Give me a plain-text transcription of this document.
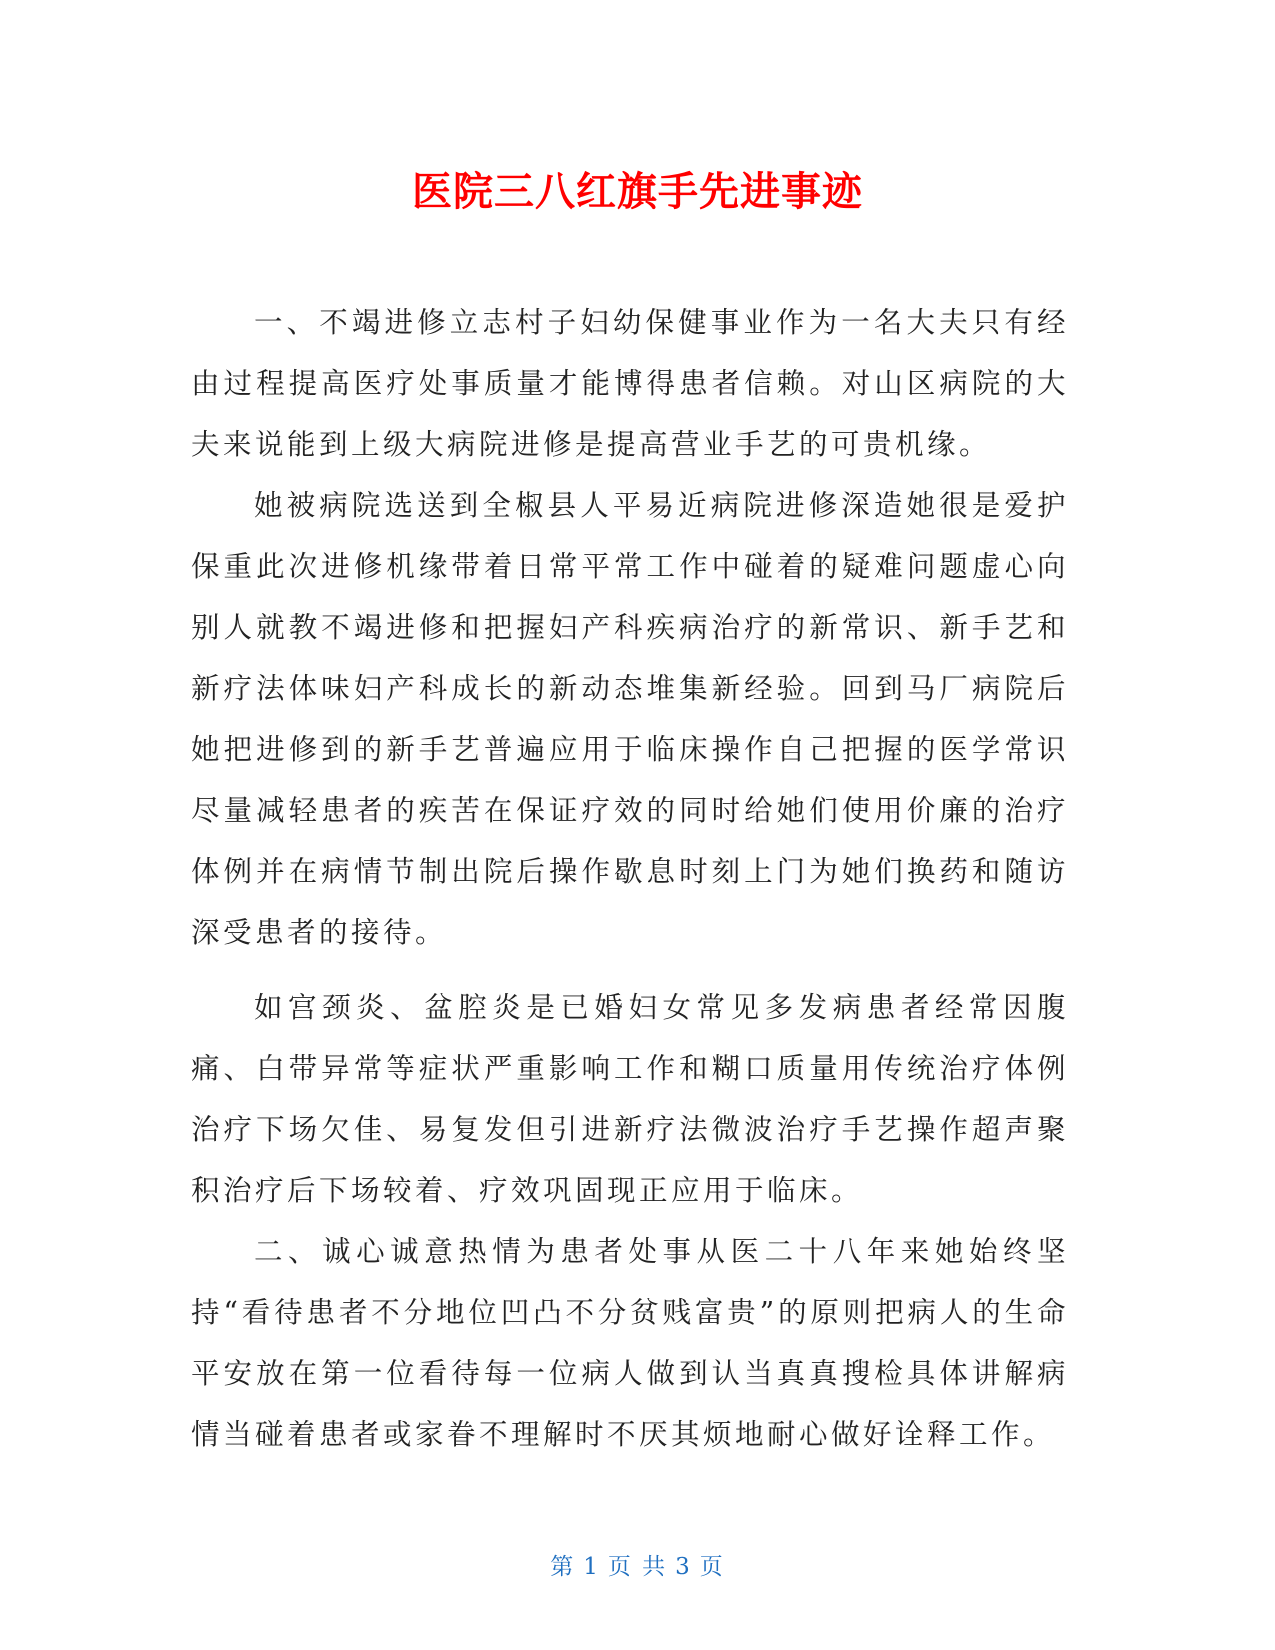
医院三八红旗手先进事迹

一、不竭进修立志村子妇幼保健事业作为一名大夫只有经由过程提高医疗处事质量才能博得患者信赖。对山区病院的大夫来说能到上级大病院进修是提高营业手艺的可贵机缘。

她被病院选送到全椒县人平易近病院进修深造她很是爱护保重此次进修机缘带着日常平常工作中碰着的疑难问题虚心向别人就教不竭进修和把握妇产科疾病治疗的新常识、新手艺和新疗法体味妇产科成长的新动态堆集新经验。回到马厂病院后她把进修到的新手艺普遍应用于临床操作自己把握的医学常识尽量减轻患者的疾苦在保证疗效的同时给她们使用价廉的治疗体例并在病情节制出院后操作歇息时刻上门为她们换药和随访深受患者的接待。

如宫颈炎、盆腔炎是已婚妇女常见多发病患者经常因腹痛、白带异常等症状严重影响工作和糊口质量用传统治疗体例治疗下场欠佳、易复发但引进新疗法微波治疗手艺操作超声聚积治疗后下场较着、疗效巩固现正应用于临床。

二、诚心诚意热情为患者处事从医二十八年来她始终坚持“看待患者不分地位凹凸不分贫贱富贵”的原则把病人的生命平安放在第一位看待每一位病人做到认当真真搜检具体讲解病情当碰着患者或家眷不理解时不厌其烦地耐心做好诠释工作。

第 1 页 共 3 页
